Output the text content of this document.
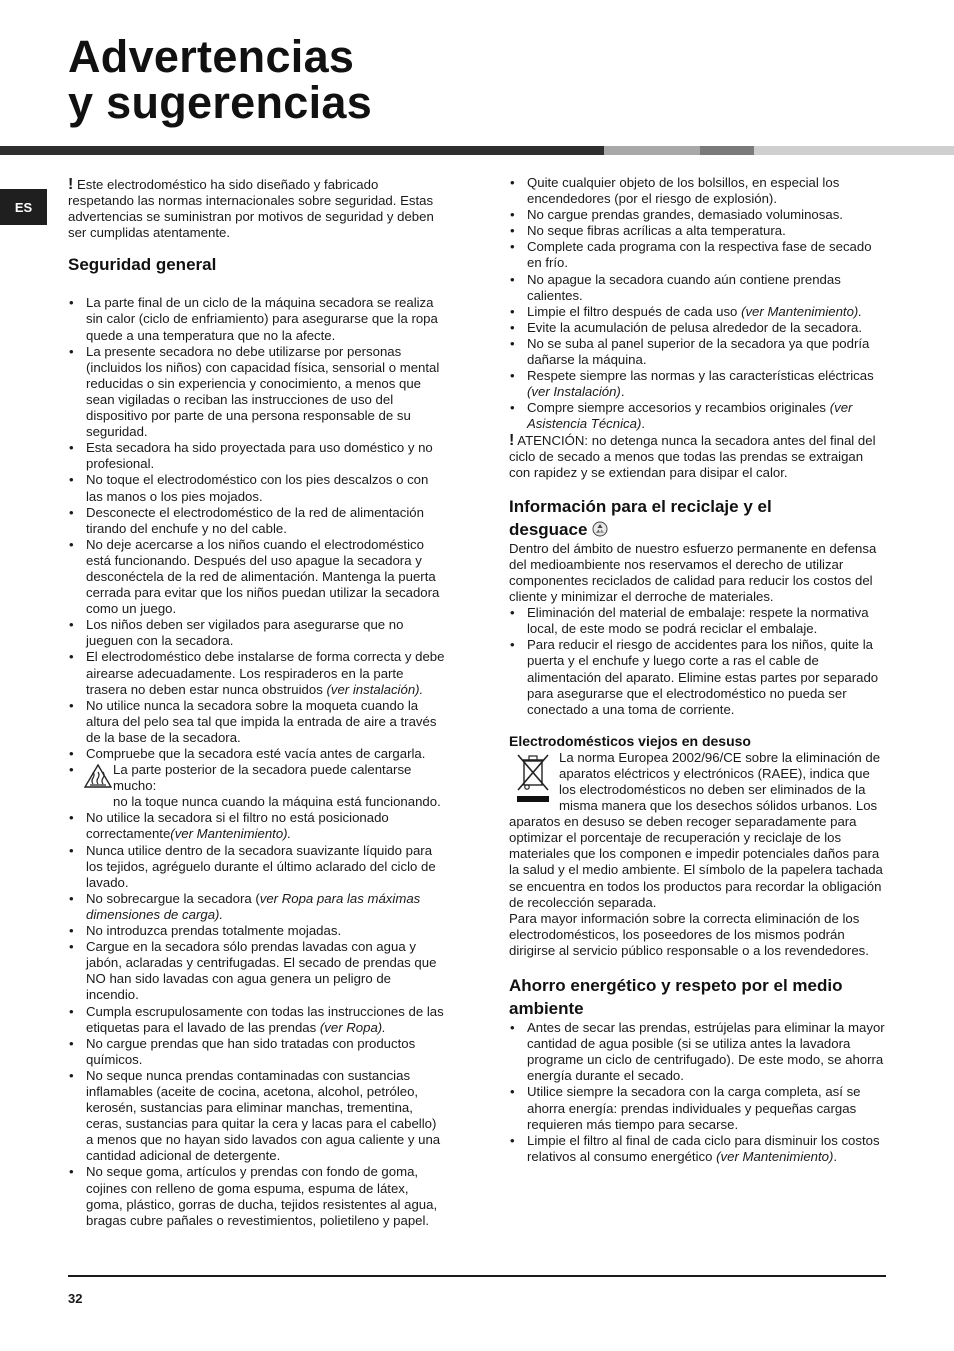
Advertencias
y sugerencias
ES

! Este electrodoméstico ha sido diseñado y fabricado respetando las normas internacionales sobre seguridad. Estas advertencias se suministran por motivos de seguridad y deben ser cumplidas atentamente.

Seguridad general
• La parte final de un ciclo de la máquina secadora se realiza sin calor (ciclo de enfriamiento) para asegurarse que la ropa quede a una temperatura que no la afecte.
• La presente secadora no debe utilizarse por personas (incluidos los niños) con capacidad física, sensorial o mental reducidas o sin experiencia y conocimiento, a menos que sean vigiladas o reciban las instrucciones de uso del dispositivo por parte de una persona responsable de su seguridad.
• Esta secadora ha sido proyectada para uso doméstico y no profesional.
• No toque el electrodoméstico con los pies descalzos o con las manos o los pies mojados.
• Desconecte el electrodoméstico de la red de alimentación tirando del enchufe y no del cable.
• No deje acercarse a los niños cuando el electrodoméstico está funcionando. Después del uso apague la secadora y desconéctela de la red de alimentación. Mantenga la puerta cerrada para evitar que los niños puedan utilizar la secadora como un juego.
• Los niños deben ser vigilados para asegurarse que no jueguen con la secadora.
• El electrodoméstico debe instalarse de forma correcta y debe airearse adecuadamente. Los respiraderos en la parte trasera no deben estar nunca obstruidos (ver instalación).
• No utilice nunca la secadora sobre la moqueta cuando la altura del pelo sea tal que impida la entrada de aire a través de la base de la secadora.
• Compruebe que la secadora esté vacía antes de cargarla.
• La parte posterior de la secadora puede calentarse mucho:
no la toque nunca cuando la máquina está funcionando.
• No utilice la secadora si el filtro no está posicionado correctamente(ver Mantenimiento).
• Nunca utilice dentro de la secadora suavizante líquido para los tejidos, agréguelo durante el último aclarado del ciclo de lavado.
• No sobrecargue la secadora (ver Ropa para las máximas dimensiones de carga).
• No introduzca prendas totalmente mojadas.
• Cargue en la secadora sólo prendas lavadas con agua y jabón, aclaradas y centrifugadas. El secado de prendas que NO han sido lavadas con agua genera un peligro de incendio.
• Cumpla escrupulosamente con todas las instrucciones de las etiquetas para el lavado de las prendas (ver Ropa).
• No cargue prendas que han sido tratadas con productos químicos.
• No seque nunca prendas contaminadas con sustancias inflamables (aceite de cocina, acetona, alcohol, petróleo, kerosén, sustancias para eliminar manchas, trementina, ceras, sustancias para quitar la cera y lacas para el cabello) a menos que no hayan sido lavados con agua caliente y una cantidad adicional de detergente.
• No seque goma, artículos y prendas con fondo de goma, cojines con relleno de goma espuma, espuma de látex, goma, plástico, gorras de ducha, tejidos resistentes al agua, bragas cubre pañales o revestimientos, polietileno y papel.
• Quite cualquier objeto de los bolsillos, en especial los encendedores (por el riesgo de explosión).
• No cargue prendas grandes, demasiado voluminosas.
• No seque fibras acrílicas a alta temperatura.
• Complete cada programa con la respectiva fase de secado en frío.
• No apague la secadora cuando aún contiene prendas calientes.
• Limpie el filtro después de cada uso (ver Mantenimiento).
• Evite la acumulación de pelusa alrededor de la secadora.
• No se suba al panel superior de la secadora ya que podría dañarse la máquina.
• Respete siempre las normas y las características eléctricas (ver Instalación).
• Compre siempre accesorios y recambios originales (ver Asistencia Técnica).

! ATENCIÓN: no detenga nunca la secadora antes del final del ciclo de secado a menos que todas las prendas se extraigan con rapidez y se extiendan para disipar el calor.

Información para el reciclaje y el
desguace

Dentro del ámbito de nuestro esfuerzo permanente en defensa del medioambiente nos reservamos el derecho de utilizar componentes reciclados de calidad para reducir los costos del cliente y minimizar el derroche de materiales.

• Eliminación del material de embalaje: respete la normativa local, de este modo se podrá reciclar el embalaje.
• Para reducir el riesgo de accidentes para los niños, quite la puerta y el enchufe y luego corte a ras el cable de alimentación del aparato. Elimine estas partes por separado para asegurarse que el electrodoméstico no pueda ser conectado a una toma de corriente.
Electrodomésticos viejos en desuso

La norma Europea 2002/96/CE sobre la eliminación de aparatos eléctricos y electrónicos (RAEE), indica que los electrodomésticos no deben ser eliminados de la misma manera que los desechos sólidos urbanos. Los aparatos en desuso se deben recoger separadamente para optimizar el porcentaje de recuperación y reciclaje de los materiales que los componen e impedir potenciales daños para la salud y el medio ambiente. El símbolo de la papelera tachada se encuentra en todos los productos para recordar la obligación de recolección separada.

Para mayor información sobre la correcta eliminación de los electrodomésticos, los poseedores de los mismos podrán dirigirse al servicio público responsable o a los revendedores.

Ahorro energético y respeto por el medio ambiente
• Antes de secar las prendas, estrújelas para eliminar la mayor cantidad de agua posible (si se utiliza antes la lavadora programe un ciclo de centrifugado). De este modo, se ahorra energía durante el secado.
• Utilice siempre la secadora con la carga completa, así se ahorra energía: prendas individuales y pequeñas cargas requieren más tiempo para secarse.
• Limpie el filtro al final de cada ciclo para disminuir los costos relativos al consumo energético (ver Mantenimiento).
32
